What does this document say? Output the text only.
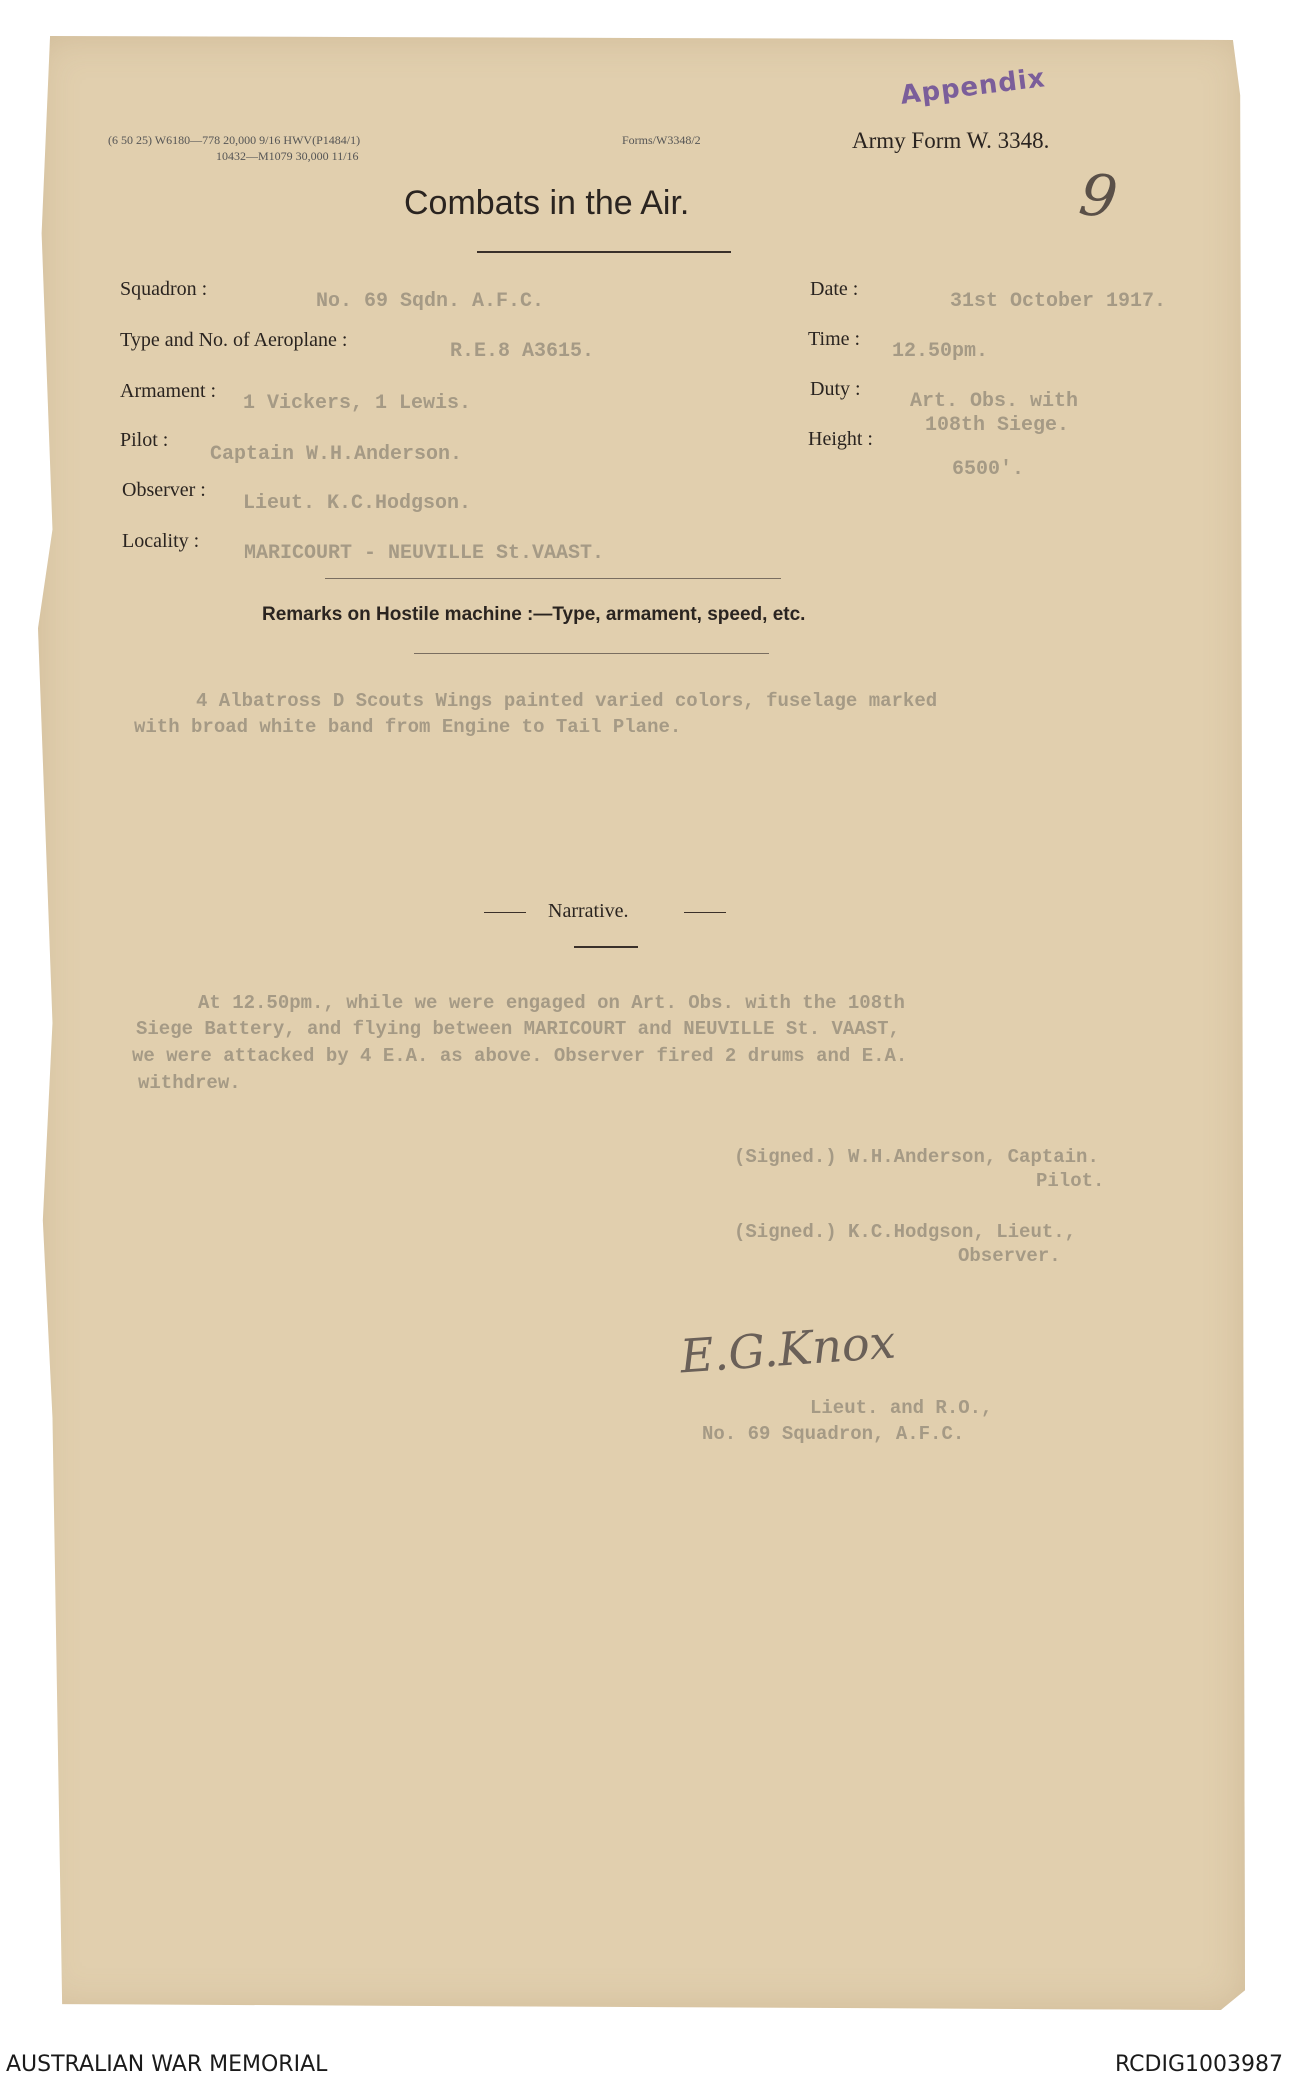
(6 50 25) W6180—778 20,000 9/16 HWV(P1484/1)
10432—M1079 30,000 11/16
Forms/W3348/2	Army Form W. 3348.
Appendix
9
Combats in the Air.
Squadron :
No. 69 Sqdn. A.F.C.
Type and No. of Aeroplane :	R.E.8 A3615.
Armament :
1 Vickers, 1 Lewis.
Pilot :
Captain W.H.Anderson.
Observer :
Lieut. K.C.Hodgson.
Locality :
MARICOURT - NEUVILLE St.VAAST.
Date :
31st October 1917.
Time :
12.50pm.
Duty :
Art. Obs. with
108th Siege.
Height :
6500'.
Remarks on Hostile machine :—Type, armament, speed, etc.
4 Albatross D Scouts Wings painted varied colors, fuselage marked
with broad white band from Engine to Tail Plane.
Narrative.
At 12.50pm., while we were engaged on Art. Obs. with the 108th
Siege Battery, and flying between MARICOURT and NEUVILLE St. VAAST,
we were attacked by 4 E.A. as above. Observer fired 2 drums and E.A.
withdrew.
(Signed.) W.H.Anderson, Captain.
Pilot.
(Signed.) K.C.Hodgson, Lieut.,
Observer.
E.G.Knox
Lieut. and R.O.,
No. 69 Squadron, A.F.C.
AUSTRALIAN WAR MEMORIAL	RCDIG1003987
